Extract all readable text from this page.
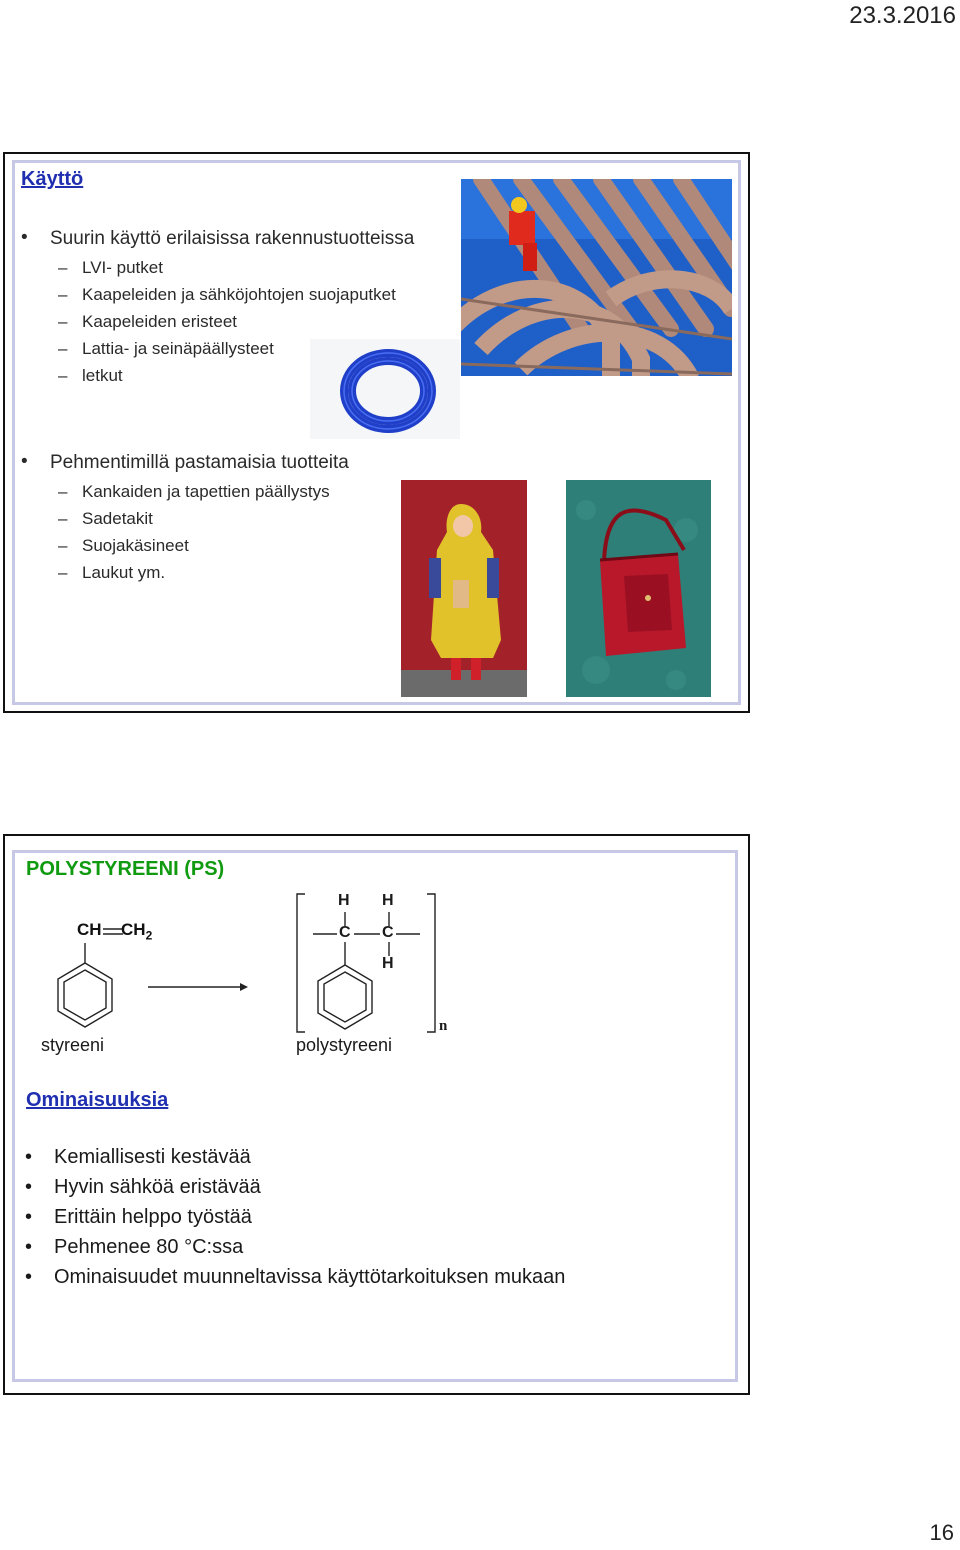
23.3.2016
Käyttö
• Suurin käyttö erilaisissa rakennustuotteissa
– LVI- putket
– Kaapeleiden ja sähköjohtojen suojaputket
– Kaapeleiden eristeet
– Lattia- ja seinäpäällysteet
– letkut
• Pehmentimillä pastamaisia tuotteita
– Kankaiden ja tapettien päällystys
– Sadetakit
– Suojakäsineet
– Laukut ym.
POLYSTYREENI (PS)
CH $CH_2$
H H
C C
H
n
styreeni	polystyreeni
Ominaisuuksia
• Kemiallisesti kestävää
• Hyvin sähköä eristävää
• Erittäin helppo työstää
• Pehmenee 80 °C:ssa
• Ominaisuudet muunneltavissa käyttötarkoituksen mukaan
16
